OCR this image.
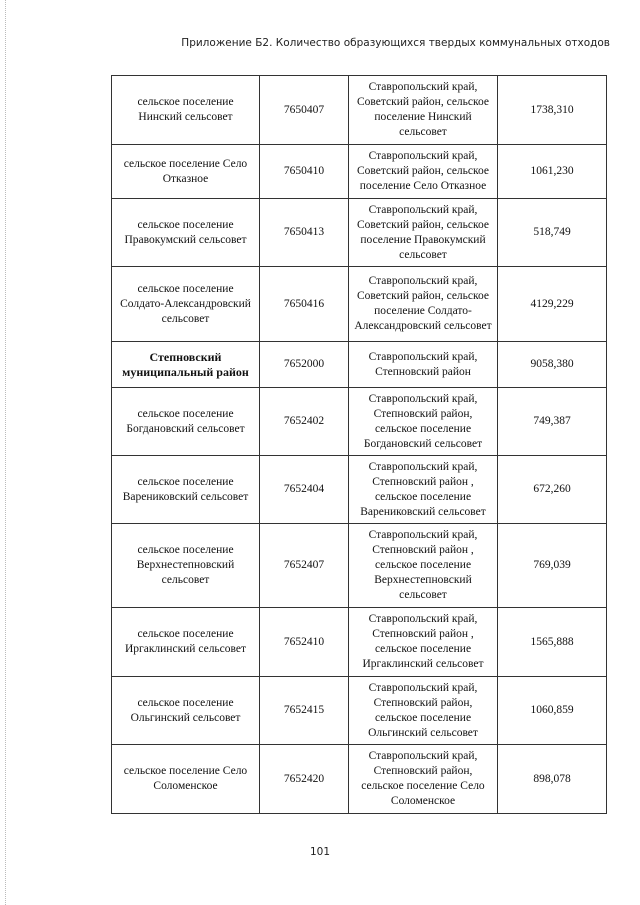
Приложение Б2. Количество образующихся твердых коммунальных отходов
сельское поселение Нинский сельсовет	7650407	Ставропольский край, Советский район, сельское поселение Нинский сельсовет	1738,310
сельское поселение Село Отказное	7650410	Ставропольский край, Советский район, сельское поселение Село Отказное	1061,230
сельское поселение Правокумский сельсовет	7650413	Ставропольский край, Советский район, сельское поселение Правокумский сельсовет	518,749
сельское поселение Солдато-Александровский сельсовет	7650416	Ставропольский край, Советский район, сельское поселение Солдато-Александровский сельсовет	4129,229
Степновский муниципальный район	7652000	Ставропольский край, Степновский район	9058,380
сельское поселение Богдановский сельсовет	7652402	Ставропольский край, Степновский район, сельское поселение Богдановский сельсовет	749,387
сельское поселение Варениковский сельсовет	7652404	Ставропольский край, Степновский район , сельское поселение Варениковский сельсовет	672,260
сельское поселение Верхнестепновский сельсовет	7652407	Ставропольский край, Степновский район , сельское поселение Верхнестепновский сельсовет	769,039
сельское поселение Иргаклинский сельсовет	7652410	Ставропольский край, Степновский район , сельское поселение Иргаклинский сельсовет	1565,888
сельское поселение Ольгинский сельсовет	7652415	Ставропольский край, Степновский район, сельское поселение Ольгинский сельсовет	1060,859
сельское поселение Село Соломенское	7652420	Ставропольский край, Степновский район, сельское поселение Село Соломенское	898,078
101
